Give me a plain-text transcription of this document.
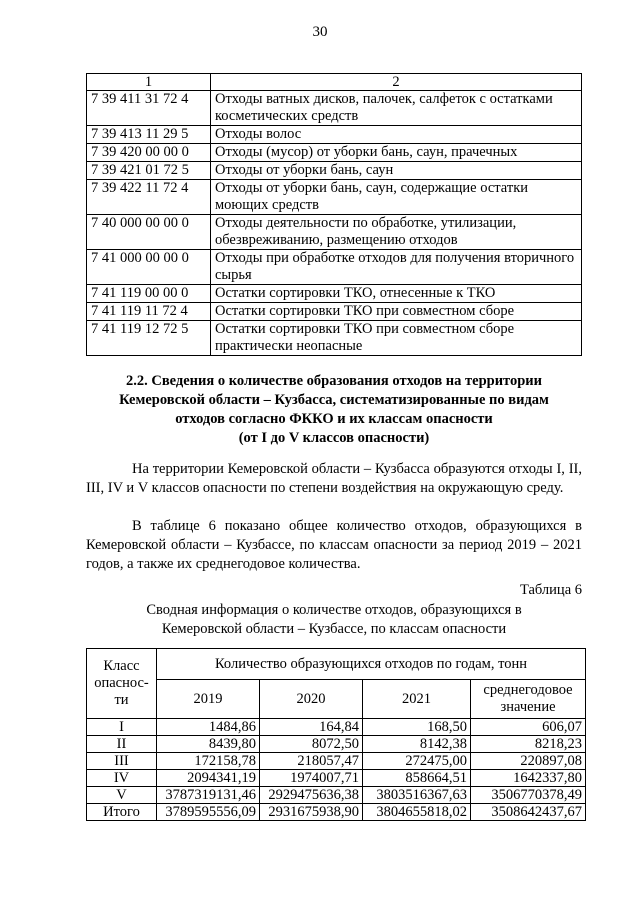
30
1	2
7 39 411 31 72 4	Отходы ватных дисков, палочек, салфеток с остатками косметических средств
7 39 413 11 29 5	Отходы волос
7 39 420 00 00 0	Отходы (мусор) от уборки бань, саун, прачечных
7 39 421 01 72 5	Отходы от уборки бань, саун
7 39 422 11 72 4	Отходы от уборки бань, саун, содержащие остатки моющих средств
7 40 000 00 00 0	Отходы деятельности по обработке, утилизации, обезвреживанию, размещению отходов
7 41 000 00 00 0	Отходы при обработке отходов для получения вторичного сырья
7 41 119 00 00 0	Остатки сортировки ТКО, отнесенные к ТКО
7 41 119 11 72 4	Остатки сортировки ТКО при совместном сборе
7 41 119 12 72 5	Остатки сортировки ТКО при совместном сборе практически неопасные
2.2. Сведения о количестве образования отходов на территории
Кемеровской области – Кузбасса, систематизированные по видам
отходов согласно ФККО и их классам опасности
(от I до V классов опасности)

На территории Кемеровской области – Кузбасса образуются отходы I, II, III, IV и V классов опасности по степени воздействия на окружающую среду.

В таблице 6 показано общее количество отходов, образующихся в Кемеровской области – Кузбассе, по классам опасности за период 2019 – 2021 годов, а также их среднегодовое количества.

Таблица 6
Сводная информация о количестве отходов, образующихся в
Кемеровской области – Кузбассе, по классам опасности
Класс опаснос-ти	Количество образующихся отходов по годам, тонн			
	2019	2020	2021	среднегодовое значение
I	1484,86	164,84	168,50	606,07
II	8439,80	8072,50	8142,38	8218,23
III	172158,78	218057,47	272475,00	220897,08
IV	2094341,19	1974007,71	858664,51	1642337,80
V	3787319131,46	2929475636,38	3803516367,63	3506770378,49
Итого	3789595556,09	2931675938,90	3804655818,02	3508642437,67
